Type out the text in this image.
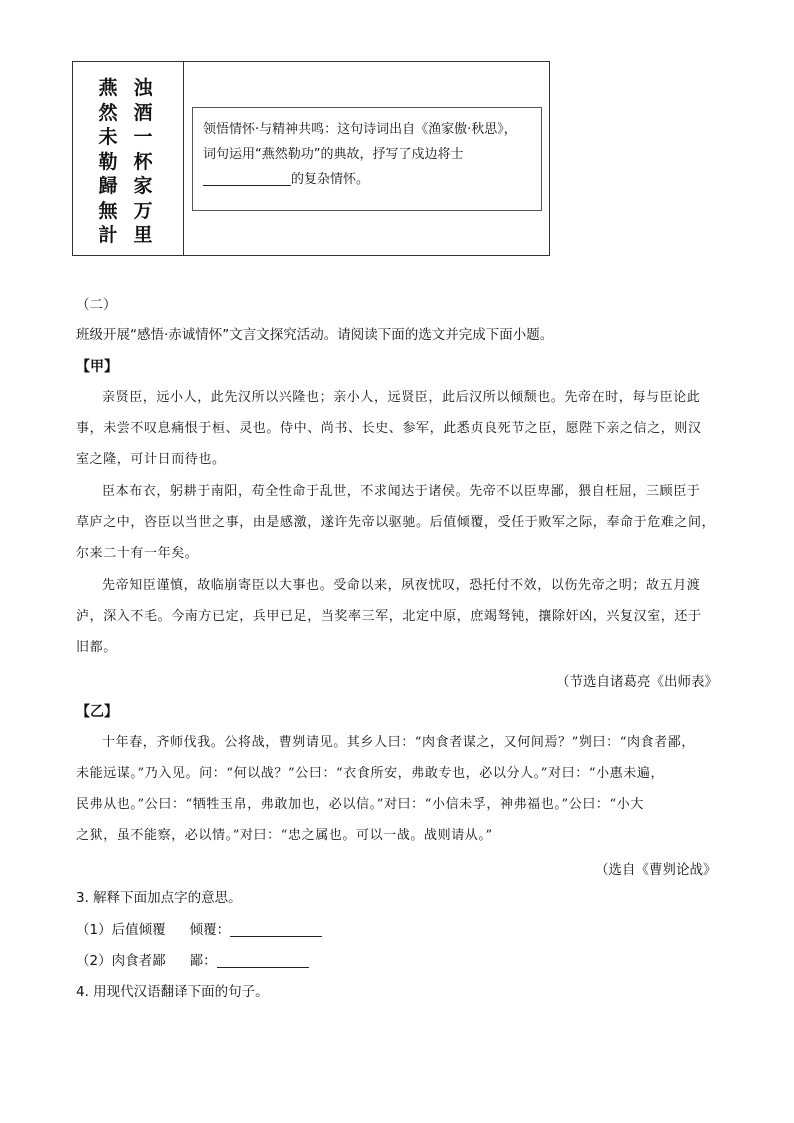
燕
然
未
勒
歸
無
計
浊
酒
一
杯
家
万
里
领悟情怀·与精神共鸣：这句诗词出自《渔家傲·秋思》，
词句运用“燕然勒功”的典故，抒写了戍边将士
的复杂情怀。
（二）
班级开展“感悟·赤诚情怀”文言文探究活动。请阅读下面的选文并完成下面小题。
【甲】
亲贤臣，远小人，此先汉所以兴隆也；亲小人，远贤臣，此后汉所以倾颓也。先帝在时，每与臣论此
事，未尝不叹息痛恨于桓、灵也。侍中、尚书、长史、参军，此悉贞良死节之臣，愿陛下亲之信之，则汉
室之隆，可计日而待也。
臣本布衣，躬耕于南阳，苟全性命于乱世，不求闻达于诸侯。先帝不以臣卑鄙，猥自枉屈，三顾臣于
草庐之中，咨臣以当世之事，由是感激，遂许先帝以驱驰。后值倾覆，受任于败军之际，奉命于危难之间，
尔来二十有一年矣。
先帝知臣谨慎，故临崩寄臣以大事也。受命以来，夙夜忧叹，恐托付不效，以伤先帝之明；故五月渡
泸，深入不毛。今南方已定，兵甲已足，当奖率三军，北定中原，庶竭驽钝，攘除奸凶，兴复汉室，还于
旧都。
（节选自诸葛亮《出师表》
【乙】
十年春，齐师伐我。公将战，曹刿请见。其乡人曰：“肉食者谋之，又何间焉？”刿曰：“肉食者鄙，
未能远谋。”乃入见。问：“何以战？”公曰：“衣食所安，弗敢专也，必以分人。”对曰：“小惠未遍，
民弗从也。”公曰：“牺牲玉帛，弗敢加也，必以信。”对曰：“小信未孚，神弗福也。”公曰：“小大
之狱，虽不能察，必以情。”对曰：“忠之属也。可以一战。战则请从。”
（选自《曹刿论战》
3. 解释下面加点字的意思。
（1）后值倾覆 倾覆：
（2）肉食者鄙 鄙：
4. 用现代汉语翻译下面的句子。
